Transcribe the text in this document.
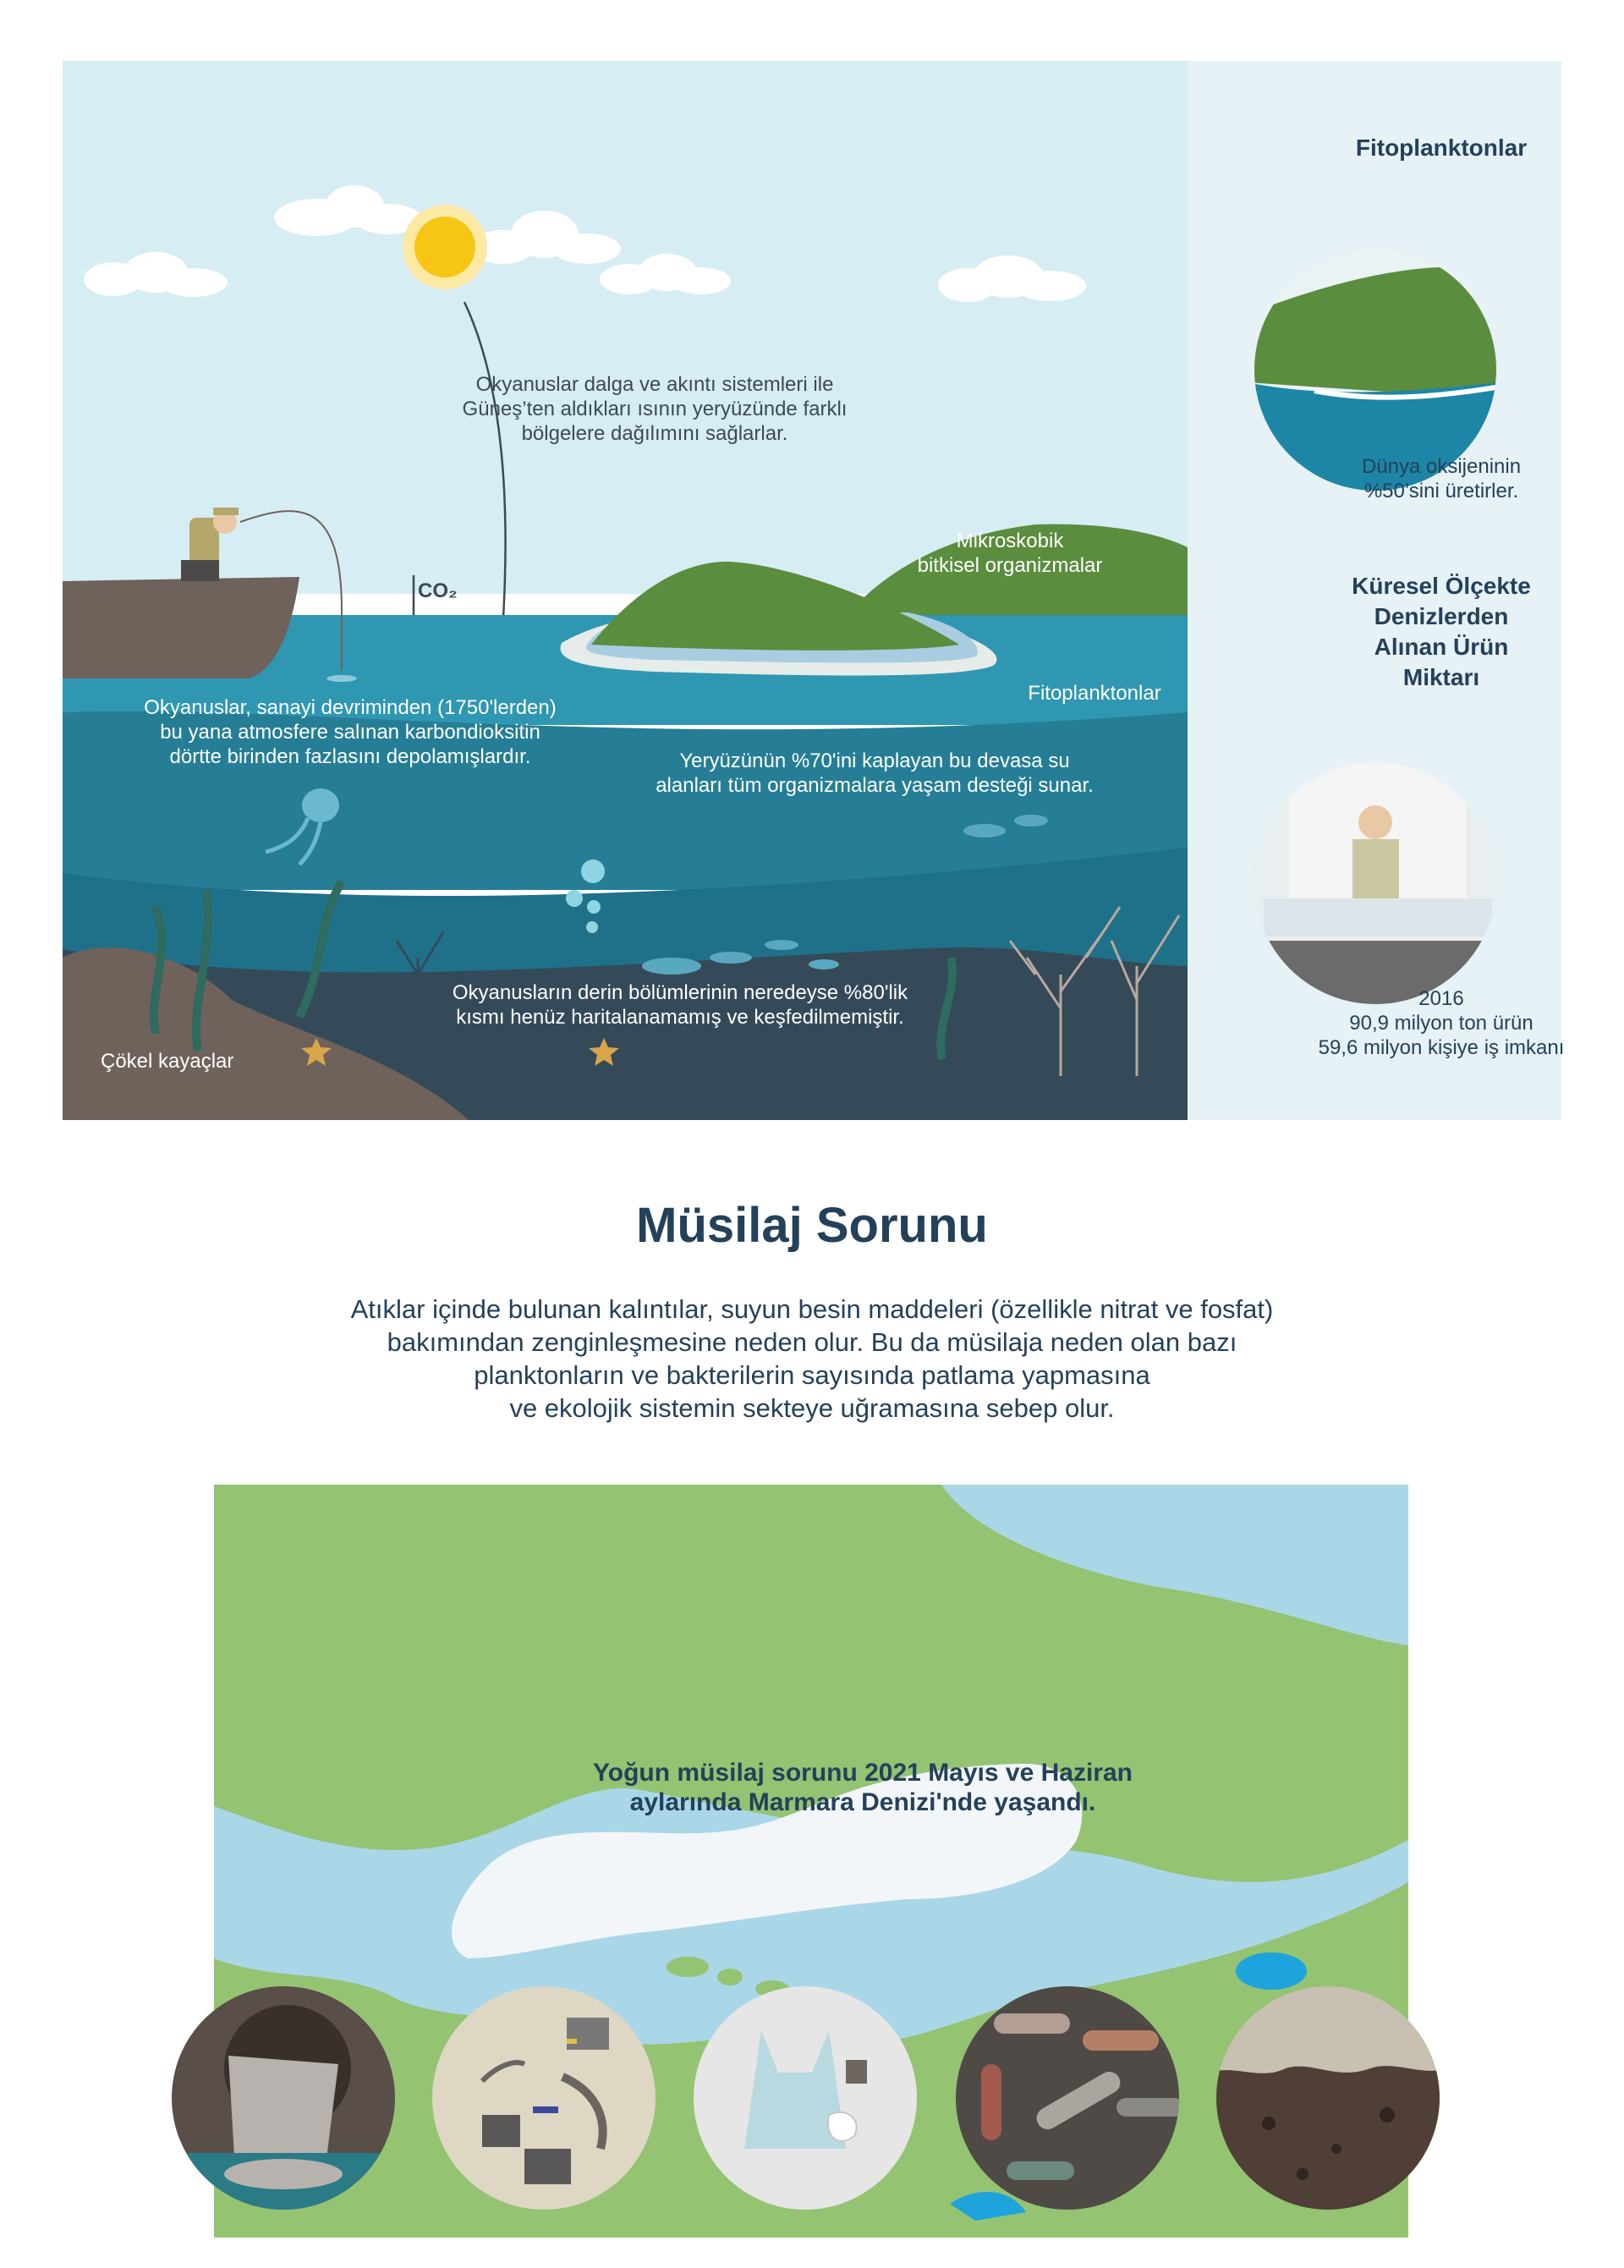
Okyanuslar dalga ve akıntı sistemleri ile
Güneş’ten aldıkları ısının yeryüzünde farklı
bölgelere dağılımını sağlarlar.
CO₂
Mikroskobik
bitkisel organizmalar
Fitoplanktonlar
Okyanuslar, sanayi devriminden (1750'lerden)
bu yana atmosfere salınan karbondioksitin
dörtte birinden fazlasını depolamışlardır.	Yeryüzünün %70'ini kaplayan bu devasa su
alanları tüm organizmalara yaşam desteği sunar.
Okyanusların derin bölümlerinin neredeyse %80'lik
kısmı henüz haritalanamamış ve keşfedilmemiştir.
Çökel kayaçlar
Fitoplanktonlar
Dünya oksijeninin
%50’sini üretirler.
Küresel Ölçekte
Denizlerden
Alınan Ürün
Miktarı
2016
90,9 milyon ton ürün
59,6 milyon kişiye iş imkanı
Müsilaj Sorunu
Atıklar içinde bulunan kalıntılar, suyun besin maddeleri (özellikle nitrat ve fosfat)
bakımından zenginleşmesine neden olur. Bu da müsilaja neden olan bazı
planktonların ve bakterilerin sayısında patlama yapmasına
ve ekolojik sistemin sekteye uğramasına sebep olur.
Yoğun müsilaj sorunu 2021 Mayıs ve Haziran
aylarında Marmara Denizi'nde yaşandı.
